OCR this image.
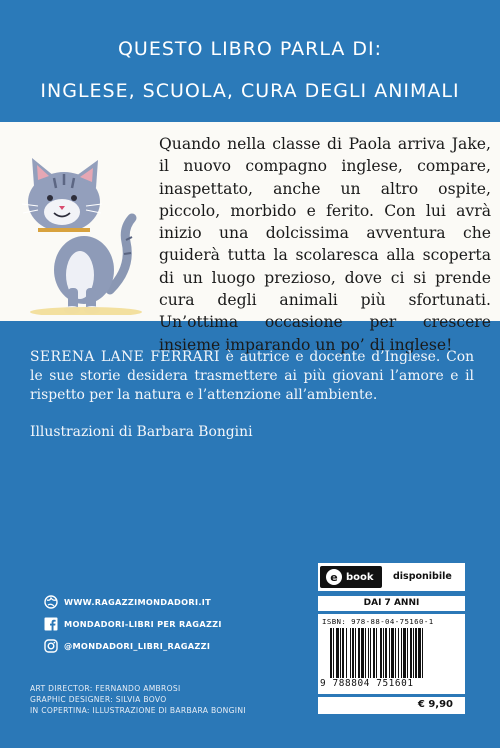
QUESTO LIBRO PARLA DI:
INGLESE, SCUOLA, CURA DEGLI ANIMALI

Quando nella classe di Paola arriva Jake, il nuovo compagno inglese, compare, inaspettato, anche un altro ospite, piccolo, morbido e ferito. Con lui avrà inizio una dolcissima avventura che guiderà tutta la scolaresca alla scoperta di un luogo prezioso, dove ci si prende cura degli animali più sfortunati. Un’ottima occasione per crescere insieme imparando un po’ di inglese!

SERENA LANE FERRARI è autrice e docente d’Inglese. Con le sue storie desidera trasmettere ai più giovani l’amore e il rispetto per la natura e l’attenzione all’ambiente.

Illustrazioni di Barbara Bongini

WWW.RAGAZZIMONDADORI.IT
MONDADORI-LIBRI PER RAGAZZI
@MONDADORI_LIBRI_RAGAZZI
ART DIRECTOR: FERNANDO AMBROSI
GRAPHIC DESIGNER: SILVIA BOVO
IN COPERTINA: ILLUSTRAZIONE DI BARBARA BONGINI
e book disponibile
DAI 7 ANNI
ISBN: 978-88-04-75160-1
9 788804 751601
€ 9,90
